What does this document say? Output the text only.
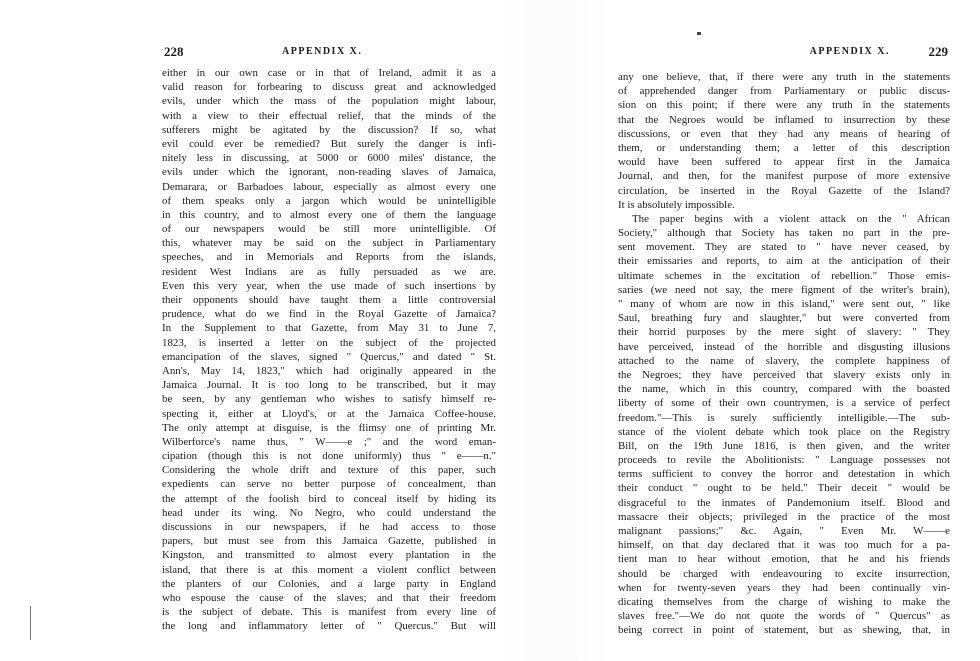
228	APPENDIX X.
either in our own case or in that of Ireland, admit it as a
valid reason for forbearing to discuss great and acknowledged
evils, under which the mass of the population might labour,
with a view to their effectual relief, that the minds of the
sufferers might be agitated by the discussion? If so, what
evil could ever be remedied? But surely the danger is infi-
nitely less in discussing, at 5000 or 6000 miles' distance, the
evils under which the ignorant, non-reading slaves of Jamaica,
Demarara, or Barbadoes labour, especially as almost every one
of them speaks only a jargon which would be unintelligible
in this country, and to almost every one of them the language
of our newspapers would be still more unintelligible. Of
this, whatever may be said on the subject in Parliamentary
speeches, and in Memorials and Reports from the islands,
resident West Indians are as fully persuaded as we are.
Even this very year, when the use made of such insertions by
their opponents should have taught them a little controversial
prudence, what do we find in the Royal Gazette of Jamaica?
In the Supplement to that Gazette, from May 31 to June 7,
1823, is inserted a letter on the subject of the projected
emancipation of the slaves, signed " Quercus," and dated " St.
Ann's, May 14, 1823," which had originally appeared in the
Jamaica Journal. It is too long to be transcribed, but it may
be seen, by any gentleman who wishes to satisfy himself re-
specting it, either at Lloyd's, or at the Jamaica Coffee-house.
The only attempt at disguise, is the flimsy one of printing Mr.
Wilberforce's name thus, " W——e ;" and the word eman-
cipation (though this is not done uniformly) thus " e——n."
Considering the whole drift and texture of this paper, such
expedients can serve no better purpose of concealment, than
the attempt of the foolish bird to conceal itself by hiding its
head under its wing. No Negro, who could understand the
discussions in our newspapers, if he had access to those
papers, but must see from this Jamaica Gazette, published in
Kingston, and transmitted to almost every plantation in the
island, that there is at this moment a violent conflict between
the planters of our Colonies, and a large party in England
who espouse the cause of the slaves; and that their freedom
is the subject of debate. This is manifest from every line of
the long and inflammatory letter of " Quercus." But will
APPENDIX X.	229
any one believe, that, if there were any truth in the statements
of apprehended danger from Parliamentary or public discus-
sion on this point; if there were any truth in the statements
that the Negroes would be inflamed to insurrection by these
discussions, or even that they had any means of hearing of
them, or understanding them; a letter of this description
would have been suffered to appear first in the Jamaica
Journal, and then, for the manifest purpose of more extensive
circulation, be inserted in the Royal Gazette of the Island?
It is absolutely impossible.
The paper begins with a violent attack on the " African
Society," although that Society has taken no part in the pre-
sent movement. They are stated to " have never ceased, by
their emissaries and reports, to aim at the anticipation of their
ultimate schemes in the excitation of rebellion." Those emis-
saries (we need not say, the mere figment of the writer's brain),
" many of whom are now in this island," were sent out, " like
Saul, breathing fury and slaughter," but were converted from
their horrid purposes by the mere sight of slavery: " They
have perceived, instead of the horrible and disgusting illusions
attached to the name of slavery, the complete happiness of
the Negroes; they have perceived that slavery exists only in
the name, which in this country, compared with the boasted
liberty of some of their own countrymen, is a service of perfect
freedom."—This is surely sufficiently intelligible.—The sub-
stance of the violent debate which took place on the Registry
Bill, on the 19th June 1816, is then given, and the writer
proceeds to revile the Abolitionists: " Language possesses not
terms sufficient to convey the horror and detestation in which
their conduct " ought to be held." Their deceit " would be
disgraceful to the inmates of Pandemonium itself. Blood and
massacre their objects; privileged in the practice of the most
malignant passions;" &c. Again, " Even Mr. W——e
himself, on that day declared that it was too much for a pa-
tient man to hear without emotion, that he and his friends
should be charged with endeavouring to excite insurrection,
when for twenty-seven years they had been continually vin-
dicating themselves from the charge of wishing to make the
slaves free."—We do not quote the words of " Quercus" as
being correct in point of statement, but as shewing, that, in
